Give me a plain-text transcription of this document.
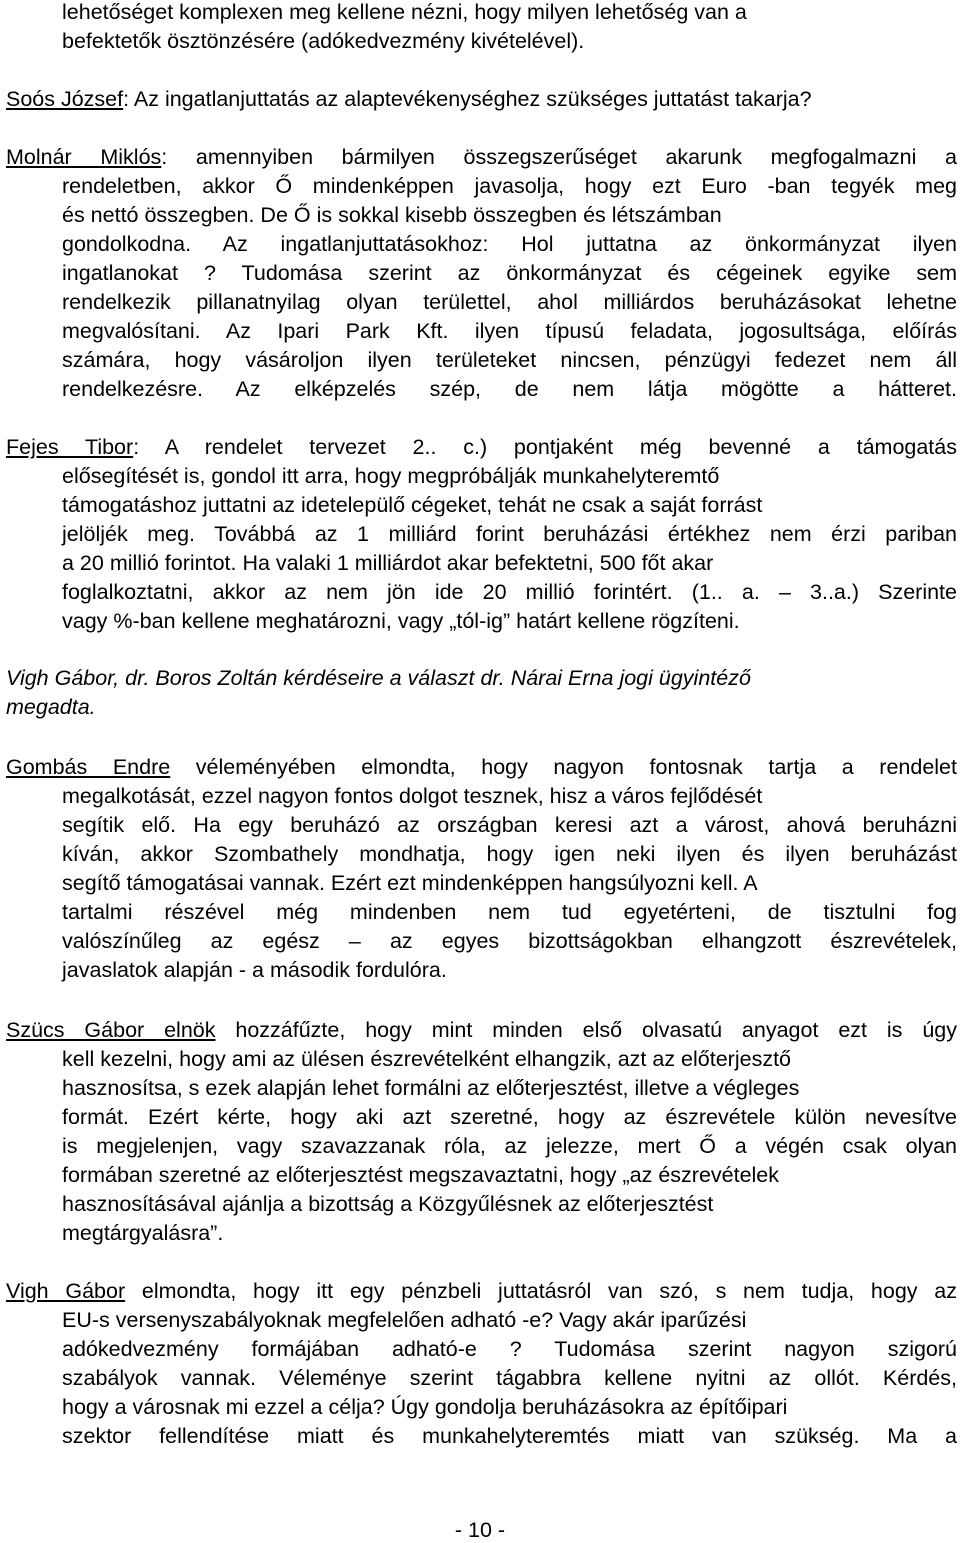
lehetőséget komplexen meg kellene nézni, hogy milyen lehetőség van a
befektetők ösztönzésére (adókedvezmény kivételével).
Soós József: Az ingatlanjuttatás az alaptevékenységhez szükséges juttatást takarja?
Molnár Miklós: amennyiben bármilyen összegszerűséget akarunk megfogalmazni a
rendeletben, akkor Ő mindenképpen javasolja, hogy ezt Euro -ban tegyék meg
és nettó összegben. De Ő is sokkal kisebb összegben és létszámban
gondolkodna. Az ingatlanjuttatásokhoz: Hol juttatna az önkormányzat ilyen
ingatlanokat ? Tudomása szerint az önkormányzat és cégeinek egyike sem
rendelkezik pillanatnyilag olyan területtel, ahol milliárdos beruházásokat lehetne
megvalósítani. Az Ipari Park Kft. ilyen típusú feladata, jogosultsága, előírás
számára, hogy vásároljon ilyen területeket nincsen, pénzügyi fedezet nem áll
rendelkezésre. Az elképzelés szép, de nem látja mögötte a hátteret.
Fejes Tibor: A rendelet tervezet 2.. c.) pontjaként még bevenné a támogatás
elősegítését is, gondol itt arra, hogy megpróbálják munkahelyteremtő
támogatáshoz juttatni az idetelepülő cégeket, tehát ne csak a saját forrást
jelöljék meg. Továbbá az 1 milliárd forint beruházási értékhez nem érzi pariban
a 20 millió forintot. Ha valaki 1 milliárdot akar befektetni, 500 főt akar
foglalkoztatni, akkor az nem jön ide 20 millió forintért. (1.. a. – 3..a.) Szerinte
vagy %-ban kellene meghatározni, vagy „tól-ig” határt kellene rögzíteni.
Vigh Gábor, dr. Boros Zoltán kérdéseire a választ dr. Nárai Erna jogi ügyintéző
megadta.
Gombás Endre véleményében elmondta, hogy nagyon fontosnak tartja a rendelet
megalkotását, ezzel nagyon fontos dolgot tesznek, hisz a város fejlődését
segítik elő. Ha egy beruházó az országban keresi azt a várost, ahová beruházni
kíván, akkor Szombathely mondhatja, hogy igen neki ilyen és ilyen beruházást
segítő támogatásai vannak. Ezért ezt mindenképpen hangsúlyozni kell. A
tartalmi részével még mindenben nem tud egyetérteni, de tisztulni fog
valószínűleg az egész – az egyes bizottságokban elhangzott észrevételek,
javaslatok alapján - a második fordulóra.
Szücs Gábor elnök hozzáfűzte, hogy mint minden első olvasatú anyagot ezt is úgy
kell kezelni, hogy ami az ülésen észrevételként elhangzik, azt az előterjesztő
hasznosítsa, s ezek alapján lehet formálni az előterjesztést, illetve a végleges
formát. Ezért kérte, hogy aki azt szeretné, hogy az észrevétele külön nevesítve
is megjelenjen, vagy szavazzanak róla, az jelezze, mert Ő a végén csak olyan
formában szeretné az előterjesztést megszavaztatni, hogy „az észrevételek
hasznosításával ajánlja a bizottság a Közgyűlésnek az előterjesztést
megtárgyalásra”.
Vigh Gábor elmondta, hogy itt egy pénzbeli juttatásról van szó, s nem tudja, hogy az
EU-s versenyszabályoknak megfelelően adható -e? Vagy akár iparűzési
adókedvezmény formájában adható-e ? Tudomása szerint nagyon szigorú
szabályok vannak. Véleménye szerint tágabbra kellene nyitni az ollót. Kérdés,
hogy a városnak mi ezzel a célja? Úgy gondolja beruházásokra az építőipari
szektor fellendítése miatt és munkahelyteremtés miatt van szükség. Ma a
- 10 -
